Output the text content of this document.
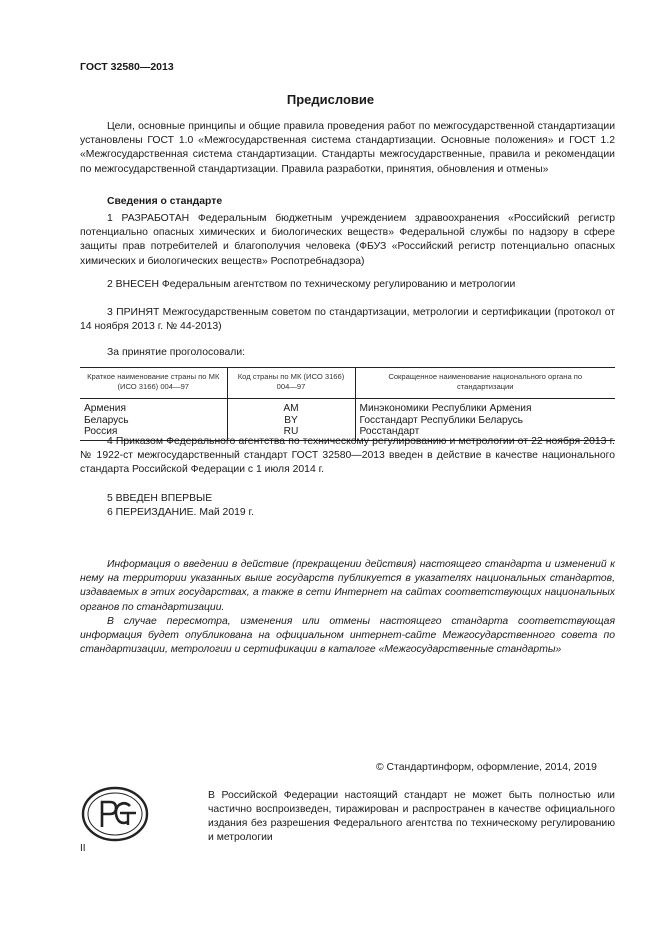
ГОСТ 32580—2013
Предисловие

Цели, основные принципы и общие правила проведения работ по межгосударственной стандартизации установлены ГОСТ 1.0 «Межгосударственная система стандартизации. Основные положения» и ГОСТ 1.2 «Межгосударственная система стандартизации. Стандарты межгосударственные, правила и рекомендации по межгосударственной стандартизации. Правила разработки, принятия, обновления и отмены»

Сведения о стандарте

1 РАЗРАБОТАН Федеральным бюджетным учреждением здравоохранения «Российский регистр потенциально опасных химических и биологических веществ» Федеральной службы по надзору в сфере защиты прав потребителей и благополучия человека (ФБУЗ «Российский регистр потенциально опасных химических и биологических веществ» Роспотребнадзора)

2 ВНЕСЕН Федеральным агентством по техническому регулированию и метрологии

3 ПРИНЯТ Межгосударственным советом по стандартизации, метрологии и сертификации (протокол от 14 ноября 2013 г. № 44-2013)

За принятие проголосовали:
Краткое наименование страны по МК (ИСО 3166) 004—97	Код страны по МК (ИСО 3166) 004—97	Сокращенное наименование национального органа по стандартизации
Армения	AM	Минэкономики Республики Армения
Беларусь	BY	Госстандарт Республики Беларусь
Россия	RU	Росстандарт

4 Приказом Федерального агентства по техническому регулированию и метрологии от 22 ноября 2013 г. № 1922-ст межгосударственный стандарт ГОСТ 32580—2013 введен в действие в качестве национального стандарта Российской Федерации с 1 июля 2014 г.

5 ВВЕДЕН ВПЕРВЫЕ

6 ПЕРЕИЗДАНИЕ. Май 2019 г.

Информация о введении в действие (прекращении действия) настоящего стандарта и изменений к нему на территории указанных выше государств публикуется в указателях национальных стандартов, издаваемых в этих государствах, а также в сети Интернет на сайтах соответствующих национальных органов по стандартизации.

В случае пересмотра, изменения или отмены настоящего стандарта соответствующая информация будет опубликована на официальном интернет-сайте Межгосударственного совета по стандартизации, метрологии и сертификации в каталоге «Межгосударственные стандарты»

© Стандартинформ, оформление, 2014, 2019

В Российской Федерации настоящий стандарт не может быть полностью или частично воспроизведен, тиражирован и распространен в качестве официального издания без разрешения Федерального агентства по техническому регулированию и метрологии

II
